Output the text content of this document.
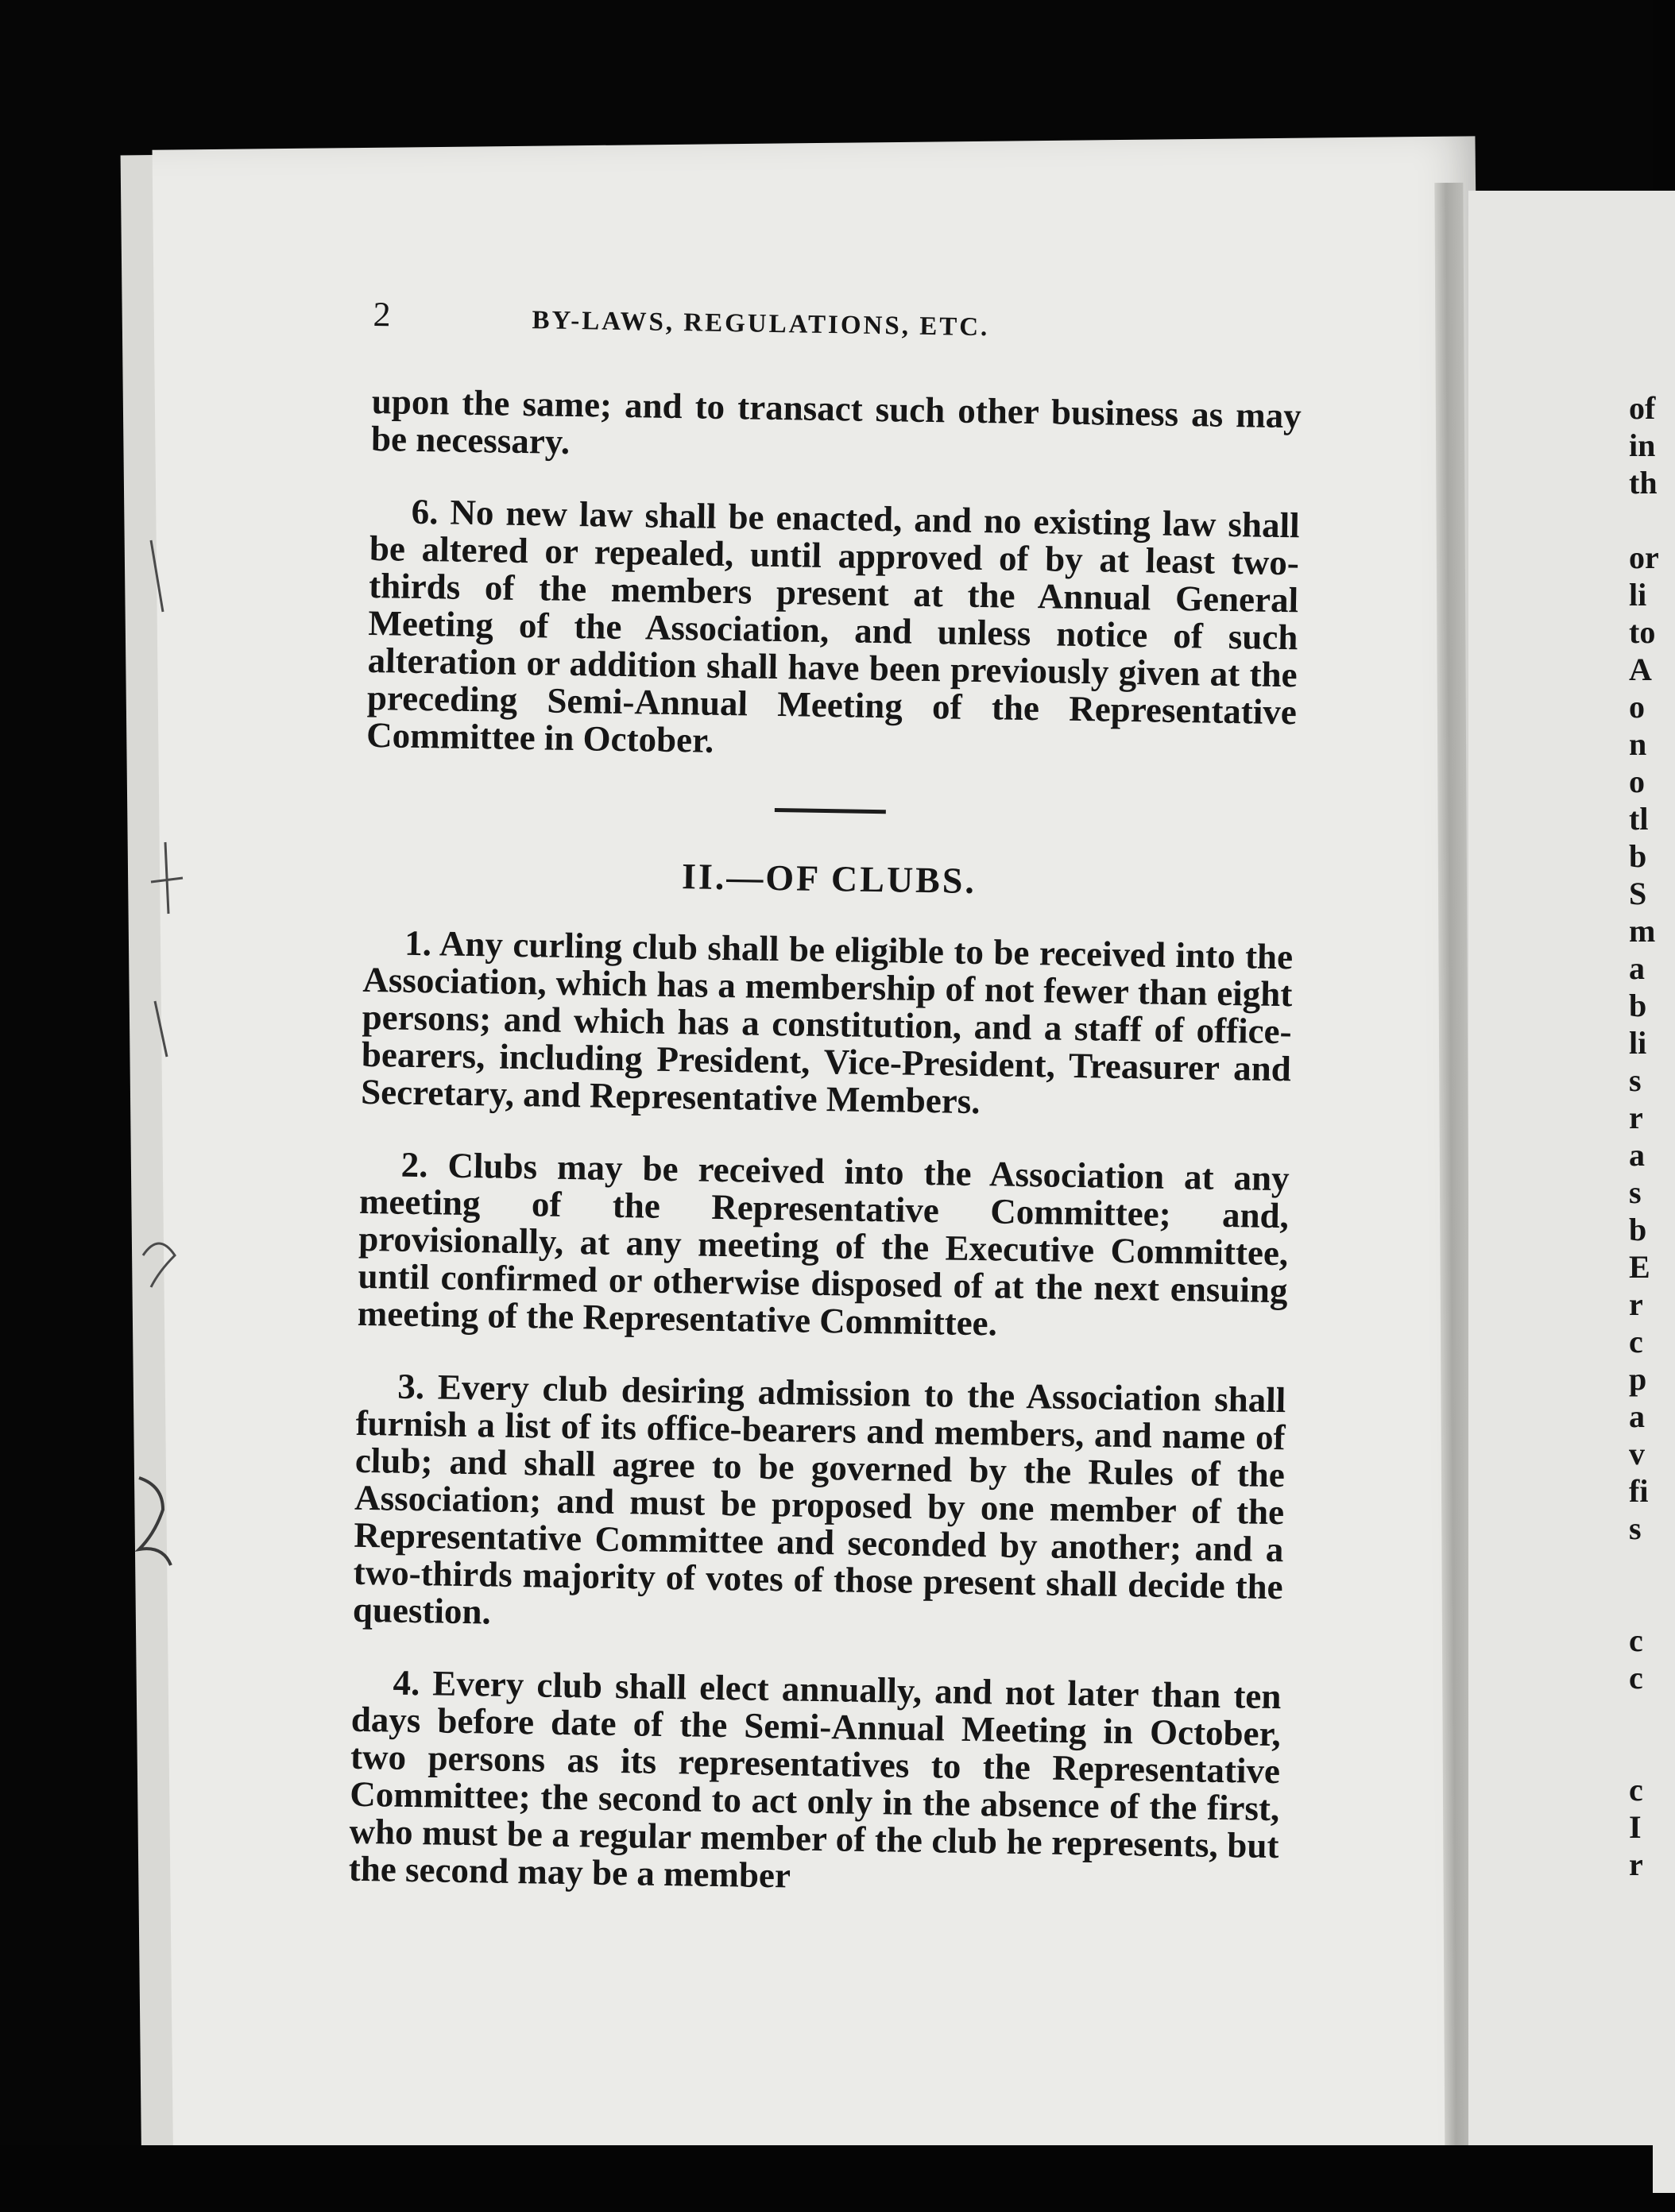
2	BY-LAWS, REGULATIONS, ETC.

upon the same; and to transact such other business as may be necessary.

6. No new law shall be enacted, and no existing law shall be altered or repealed, until approved of by at least two-thirds of the members present at the Annual General Meeting of the Association, and unless notice of such alteration or addition shall have been previously given at the preceding Semi-Annual Meeting of the Representative Committee in October.

II.—OF CLUBS.

1. Any curling club shall be eligible to be received into the Association, which has a membership of not fewer than eight persons; and which has a constitution, and a staff of office-bearers, including President, Vice-President, Treasurer and Secretary, and Representative Members.

2. Clubs may be received into the Association at any meeting of the Representative Committee; and, provisionally, at any meeting of the Executive Committee, until confirmed or otherwise disposed of at the next ensuing meeting of the Representative Committee.

3. Every club desiring admission to the Association shall furnish a list of its office-bearers and members, and name of club; and shall agree to be governed by the Rules of the Association; and must be proposed by one member of the Representative Committee and seconded by another; and a two-thirds majority of votes of those present shall decide the question.

4. Every club shall elect annually, and not later than ten days before date of the Semi-Annual Meeting in October, two persons as its representatives to the Representative Committee; the second to act only in the absence of the first, who must be a regular member of the club he represents, but the second may be a member

of
in
th
or
li
to
A
o
n
o
tl
b
S
m
a
b
li
s
r
a
s
b
E
r
c
p
a
v
fi
s
c
c
c
I
r
